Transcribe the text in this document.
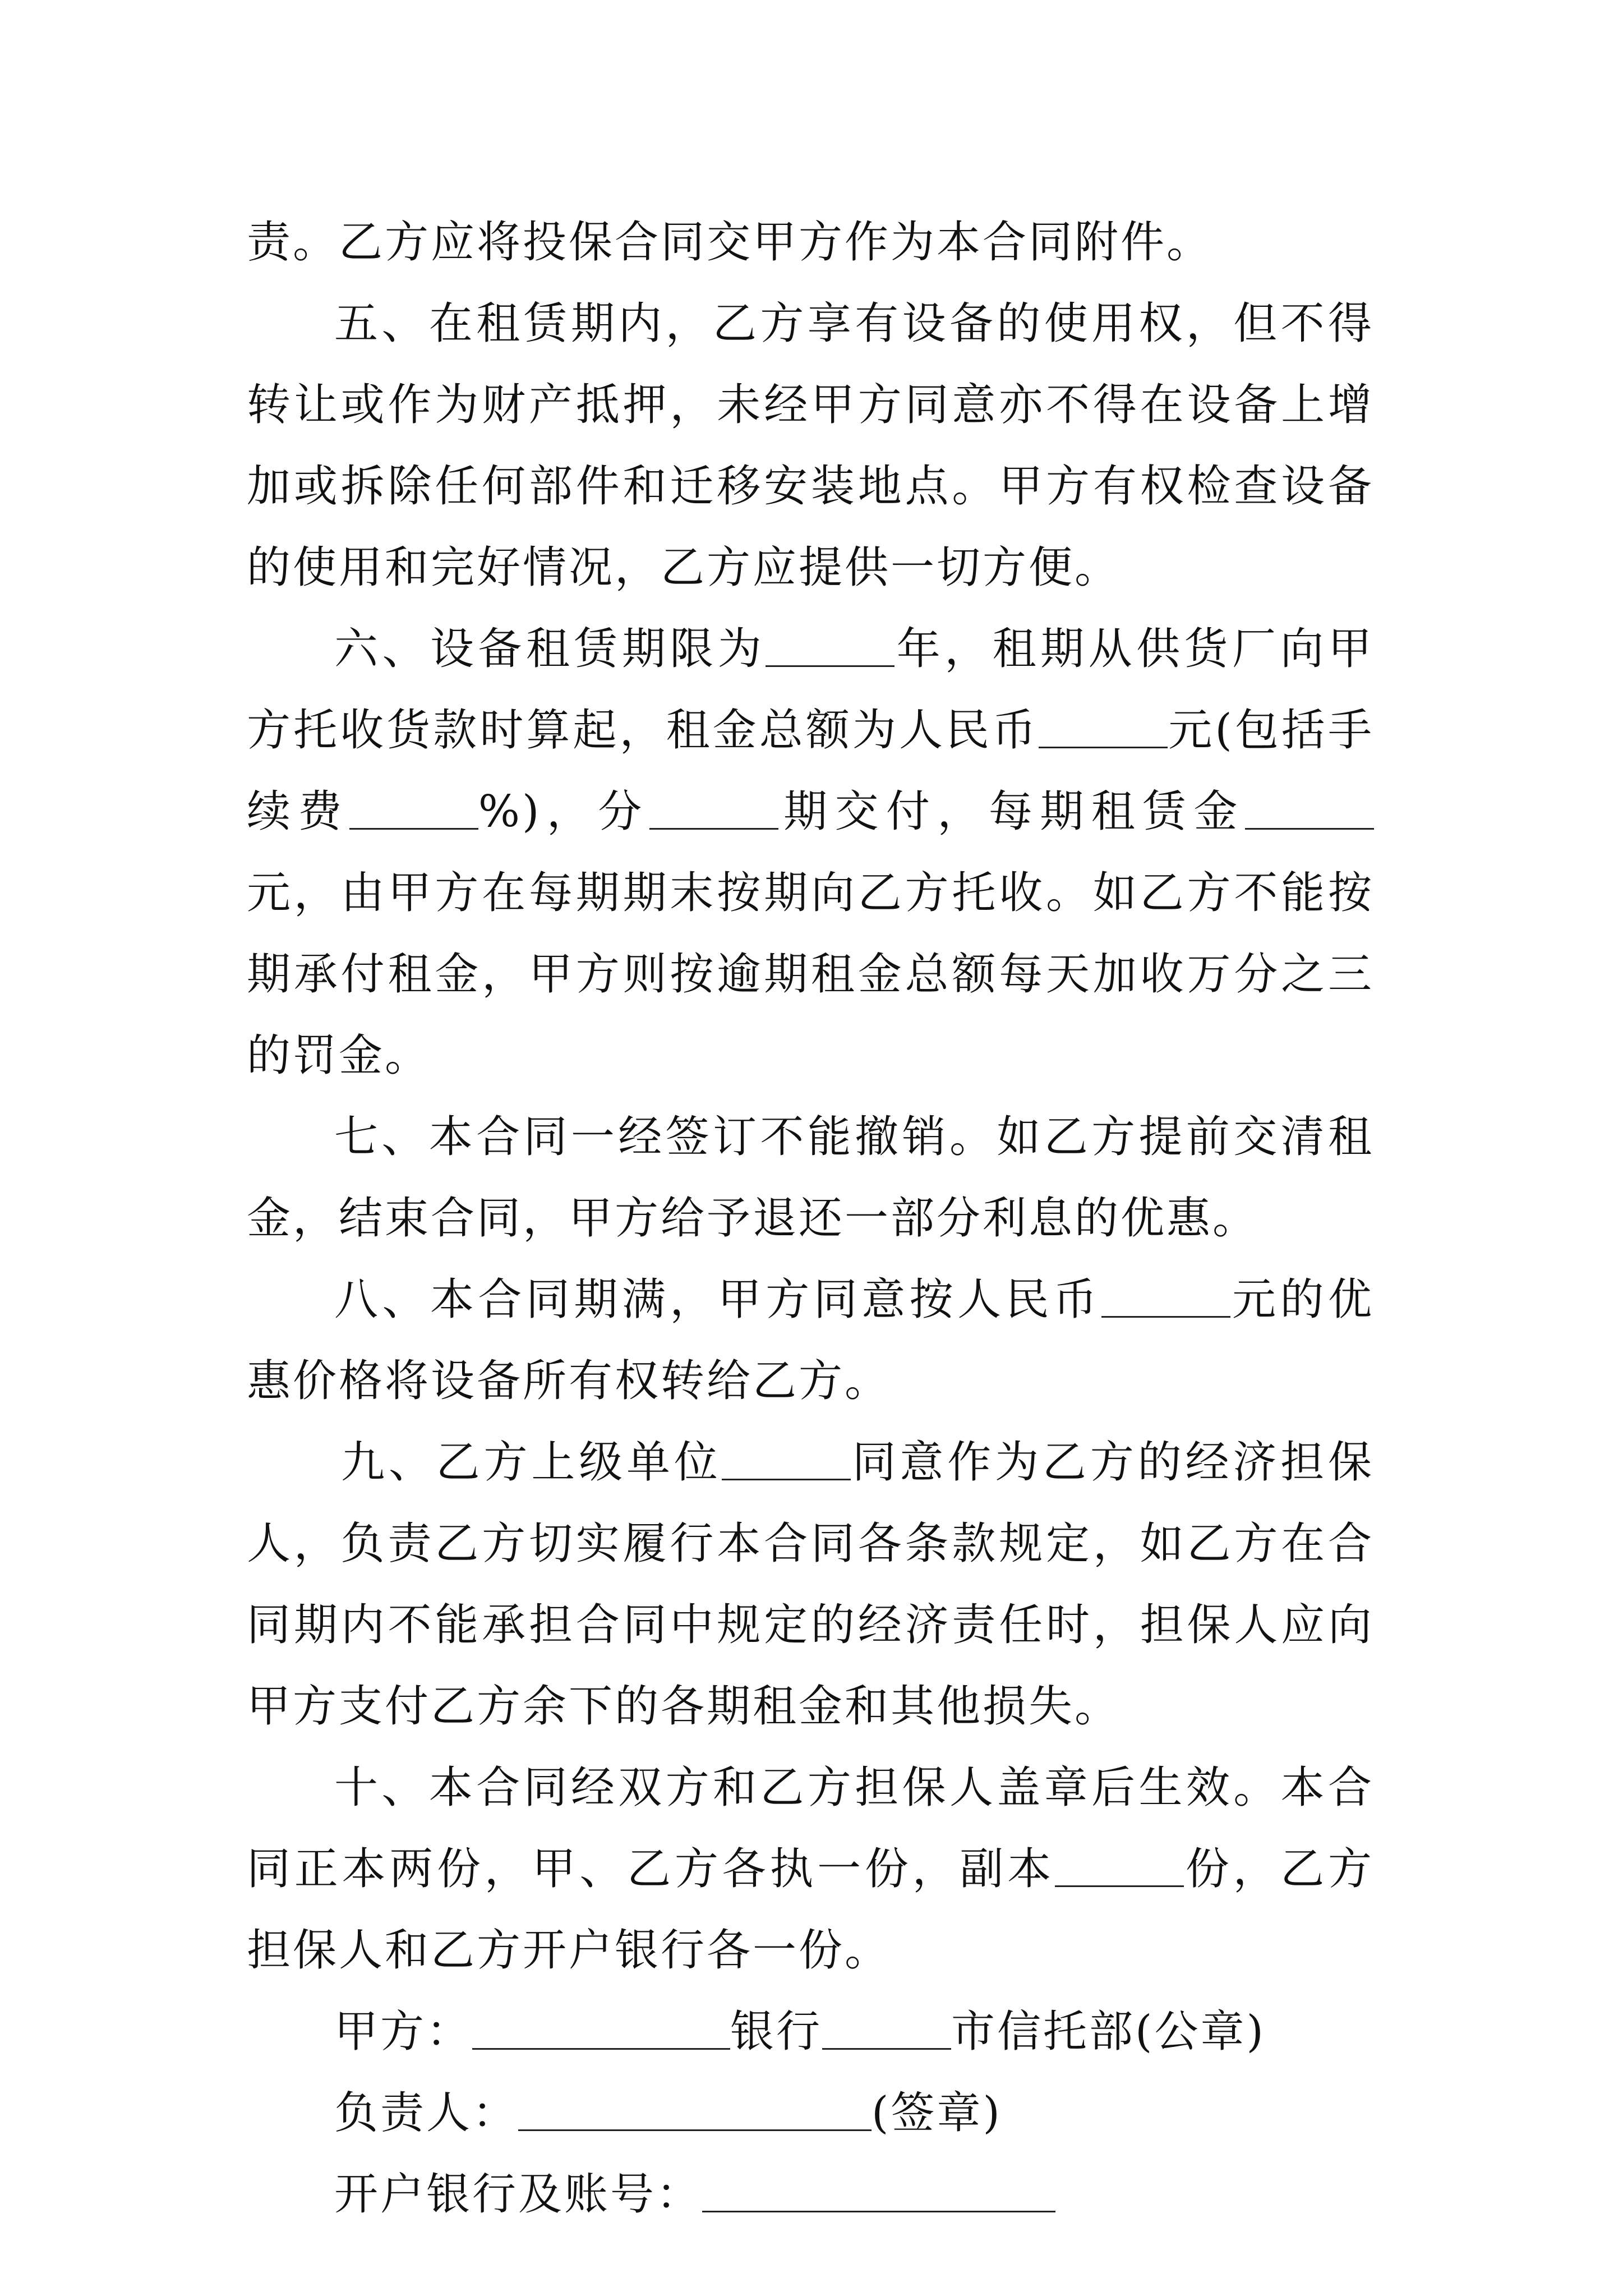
责。乙方应将投保合同交甲方作为本合同附件。

五、在租赁期内，乙方享有设备的使用权，但不得转让或作为财产抵押，未经甲方同意亦不得在设备上增加或拆除任何部件和迁移安装地点。甲方有权检查设备的使用和完好情况，乙方应提供一切方便。

六、设备租赁期限为	年，租期从供货厂向甲方托收货款时算起，租金总额为人民币	元(包括手续费	%)，分	期交付，每期租赁金元，由甲方在每期期末按期向乙方托收。如乙方不能按期承付租金，甲方则按逾期租金总额每天加收万分之三的罚金。

七、本合同一经签订不能撤销。如乙方提前交清租金，结束合同，甲方给予退还一部分利息的优惠。

八、本合同期满，甲方同意按人民币	元的优惠价格将设备所有权转给乙方。

九、乙方上级单位	同意作为乙方的经济担保人，负责乙方切实履行本合同各条款规定，如乙方在合同期内不能承担合同中规定的经济责任时，担保人应向甲方支付乙方余下的各期租金和其他损失。

十、本合同经双方和乙方担保人盖章后生效。本合同正本两份，甲、乙方各执一份，副本	份，乙方担保人和乙方开户银行各一份。

甲方：	银行	市信托部(公章)

负责人：	(签章)

开户银行及账号：
